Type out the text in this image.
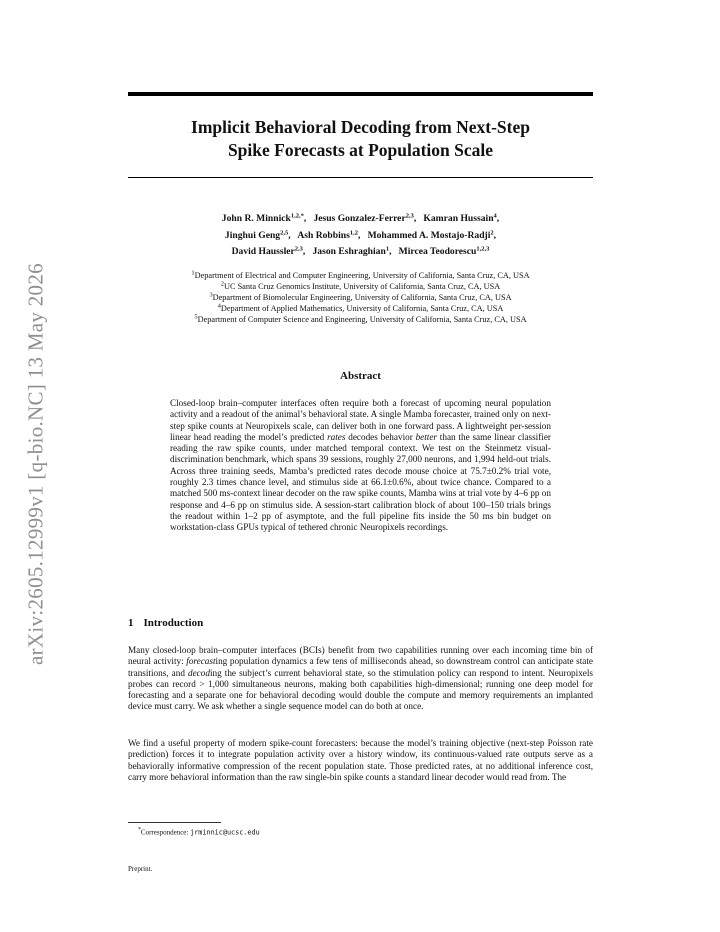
arXiv:2605.12999v1 [q-bio.NC] 13 May 2026
Implicit Behavioral Decoding from Next-Step
Spike Forecasts at Population Scale
John R. Minnick$^{1,2,*}$,   Jesus Gonzalez-Ferrer$^{2,3}$,   Kamran Hussain$^4$,
Jinghui Geng$^{2,5}$,   Ash Robbins$^{1,2}$,   Mohammed A. Mostajo-Radji$^2$,
David Haussler$^{2,3}$,   Jason Eshraghian$^1$,   Mircea Teodorescu$^{1,2,3}$
$^1$Department of Electrical and Computer Engineering, University of California, Santa Cruz, CA, USA
$^2$UC Santa Cruz Genomics Institute, University of California, Santa Cruz, CA, USA
$^3$Department of Biomolecular Engineering, University of California, Santa Cruz, CA, USA
$^4$Department of Applied Mathematics, University of California, Santa Cruz, CA, USA
$^5$Department of Computer Science and Engineering, University of California, Santa Cruz, CA, USA
Abstract
Closed-loop brain–computer interfaces often require both a forecast of upcoming neural population activity and a readout of the animal’s behavioral state. A single Mamba forecaster, trained only on next-step spike counts at Neuropixels scale, can deliver both in one forward pass. A lightweight per-session linear head reading the model’s predicted rates decodes behavior better than the same linear classifier reading the raw spike counts, under matched temporal context. We test on the Steinmetz visual-discrimination benchmark, which spans 39 sessions, roughly 27,000 neurons, and 1,994 held-out trials. Across three training seeds, Mamba’s predicted rates decode mouse choice at 75.7±0.2% trial vote, roughly 2.3 times chance level, and stimulus side at 66.1±0.6%, about twice chance. Compared to a matched 500 ms-context linear decoder on the raw spike counts, Mamba wins at trial vote by 4–6 pp on response and 4–6 pp on stimulus side. A session-start calibration block of about 100–150 trials brings the readout within 1–2 pp of asymptote, and the full pipeline fits inside the 50 ms bin budget on workstation-class GPUs typical of tethered chronic Neuropixels recordings.
1 Introduction
Many closed-loop brain–computer interfaces (BCIs) benefit from two capabilities running over each incoming time bin of neural activity: forecasting population dynamics a few tens of milliseconds ahead, so downstream control can anticipate state transitions, and decoding the subject’s current behavioral state, so the stimulation policy can respond to intent. Neuropixels probes can record > 1,000 simultaneous neurons, making both capabilities high-dimensional; running one deep model for forecasting and a separate one for behavioral decoding would double the compute and memory requirements an implanted device must carry. We ask whether a single sequence model can do both at once.
We find a useful property of modern spike-count forecasters: because the model’s training objective (next-step Poisson rate prediction) forces it to integrate population activity over a history window, its continuous-valued rate outputs serve as a behaviorally informative compression of the recent population state. Those predicted rates, at no additional inference cost, carry more behavioral information than the raw single-bin spike counts a standard linear decoder would read from. The
*Correspondence: jrminnic@ucsc.edu
Preprint.
